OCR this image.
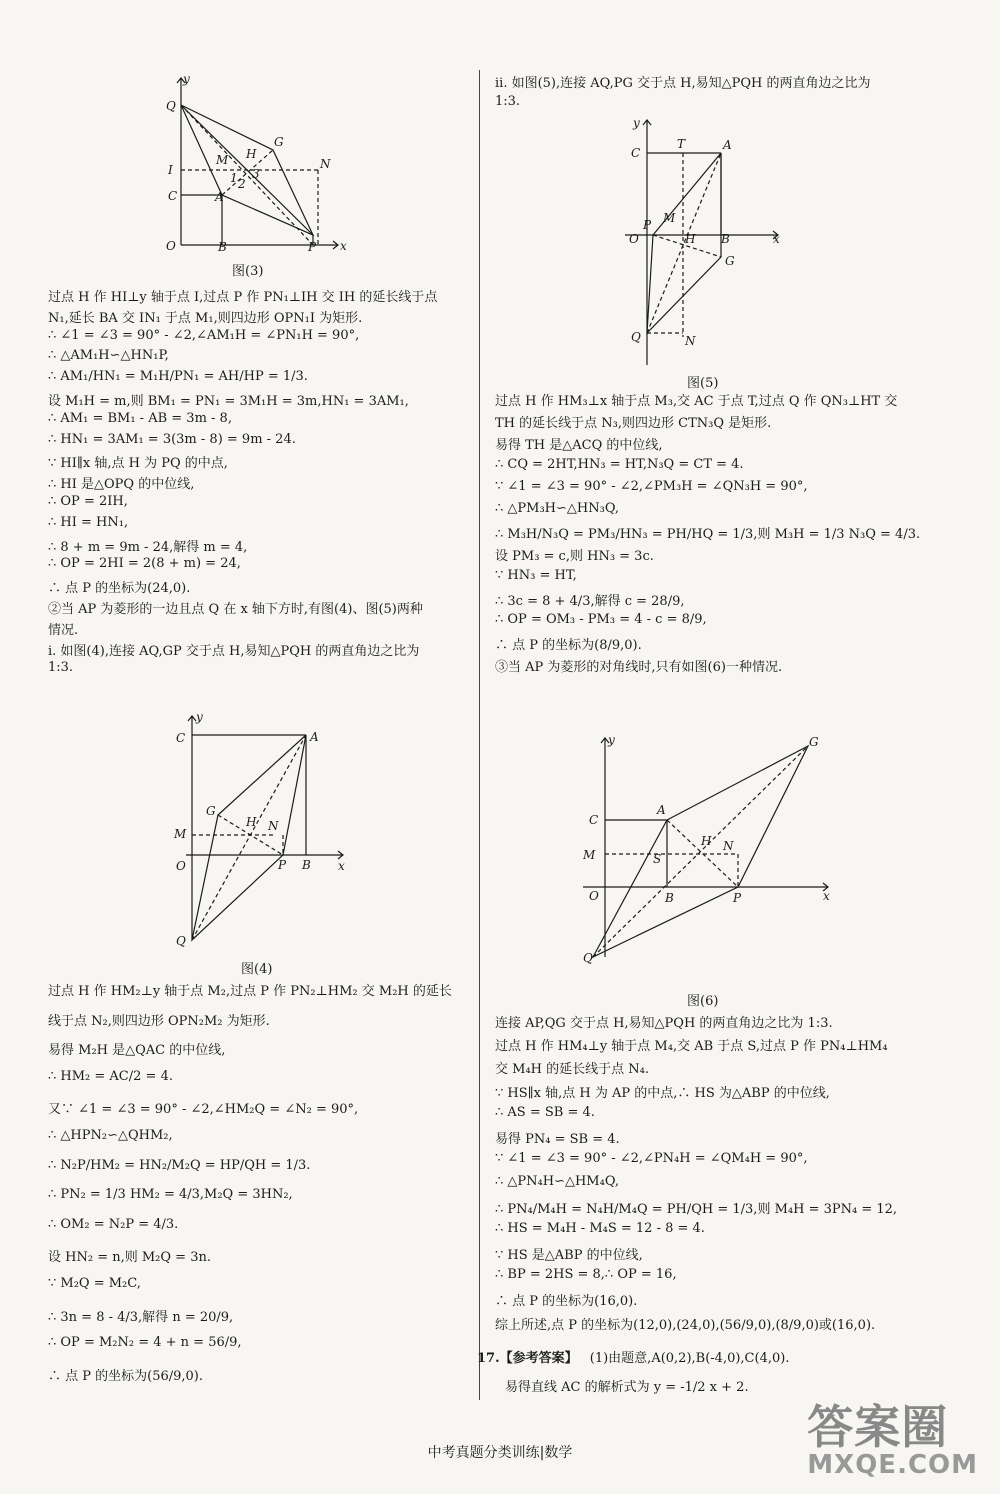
y
Q
G
H
M	N
I
C	A
O	B	P x
1 2
3
图(3)
过点 H 作 HI⊥y 轴于点 I,过点 P 作 PN₁⊥IH 交 IH 的延长线于点
N₁,延长 BA 交 IN₁ 于点 M₁,则四边形 OPN₁I 为矩形.
∴ ∠1 = ∠3 = 90° - ∠2,∠AM₁H = ∠PN₁H = 90°,
∴ △AM₁H∽△HN₁P,
∴ AM₁/HN₁ = M₁H/PN₁ = AH/HP = 1/3.
设 M₁H = m,则 BM₁ = PN₁ = 3M₁H = 3m,HN₁ = 3AM₁,
∴ AM₁ = BM₁ - AB = 3m - 8,
∴ HN₁ = 3AM₁ = 3(3m - 8) = 9m - 24.
∵ HI∥x 轴,点 H 为 PQ 的中点,
∴ HI 是△OPQ 的中位线,
∴ OP = 2IH,
∴ HI = HN₁,
∴ 8 + m = 9m - 24,解得 m = 4,
∴ OP = 2HI = 2(8 + m) = 24,
∴ 点 P 的坐标为(24,0).
②当 AP 为菱形的一边且点 Q 在 x 轴下方时,有图(4)、图(5)两种
情况.
i. 如图(4),连接 AQ,GP 交于点 H,易知△PQH 的两直角边之比为
1:3.
y
C	A
G
H N
M
O	P B x
Q
图(4)
过点 H 作 HM₂⊥y 轴于点 M₂,过点 P 作 PN₂⊥HM₂ 交 M₂H 的延长
线于点 N₂,则四边形 OPN₂M₂ 为矩形.
易得 M₂H 是△QAC 的中位线,
∴ HM₂ = AC/2 = 4.
又∵ ∠1 = ∠3 = 90° - ∠2,∠HM₂Q = ∠N₂ = 90°,
∴ △HPN₂∽△QHM₂,
∴ N₂P/HM₂ = HN₂/M₂Q = HP/QH = 1/3.
∴ PN₂ = 1/3 HM₂ = 4/3,M₂Q = 3HN₂,
∴ OM₂ = N₂P = 4/3.
设 HN₂ = n,则 M₂Q = 3n.
∵ M₂Q = M₂C,
∴ 3n = 8 - 4/3,解得 n = 20/9,
∴ OP = M₂N₂ = 4 + n = 56/9,
∴ 点 P 的坐标为(56/9,0).
ii. 如图(5),连接 AQ,PG 交于点 H,易知△PQH 的两直角边之比为
1:3.
y
C
T	A
P M
O	H B
G
x
Q	N
图(5)
过点 H 作 HM₃⊥x 轴于点 M₃,交 AC 于点 T,过点 Q 作 QN₃⊥HT 交
TH 的延长线于点 N₃,则四边形 CTN₃Q 是矩形.
易得 TH 是△ACQ 的中位线,
∴ CQ = 2HT,HN₃ = HT,N₃Q = CT = 4.
∵ ∠1 = ∠3 = 90° - ∠2,∠PM₃H = ∠QN₃H = 90°,
∴ △PM₃H∽△HN₃Q,
∴ M₃H/N₃Q = PM₃/HN₃ = PH/HQ = 1/3,则 M₃H = 1/3 N₃Q = 4/3.
设 PM₃ = c,则 HN₃ = 3c.
∵ HN₃ = HT,
∴ 3c = 8 + 4/3,解得 c = 28/9,
∴ OP = OM₃ - PM₃ = 4 - c = 8/9,
∴ 点 P 的坐标为(8/9,0).
③当 AP 为菱形的对角线时,只有如图(6)一种情况.
y	G
C
A
H N
M	S
O	B	P	x
Q
图(6)
连接 AP,QG 交于点 H,易知△PQH 的两直角边之比为 1:3.
过点 H 作 HM₄⊥y 轴于点 M₄,交 AB 于点 S,过点 P 作 PN₄⊥HM₄
交 M₄H 的延长线于点 N₄.
∵ HS∥x 轴,点 H 为 AP 的中点,∴ HS 为△ABP 的中位线,
∴ AS = SB = 4.
易得 PN₄ = SB = 4.
∵ ∠1 = ∠3 = 90° - ∠2,∠PN₄H = ∠QM₄H = 90°,
∴ △PN₄H∽△HM₄Q,
∴ PN₄/M₄H = N₄H/M₄Q = PH/QH = 1/3,则 M₄H = 3PN₄ = 12,
∴ HS = M₄H - M₄S = 12 - 8 = 4.
∵ HS 是△ABP 的中位线,
∴ BP = 2HS = 8,∴ OP = 16,
∴ 点 P 的坐标为(16,0).
综上所述,点 P 的坐标为(12,0),(24,0),(56/9,0),(8/9,0)或(16,0).
17.【参考答案】 (1)由题意,A(0,2),B(-4,0),C(4,0).
易得直线 AC 的解析式为 y = -1/2 x + 2.
中考真题分类训练|数学	答案圈
MXQE.COM
